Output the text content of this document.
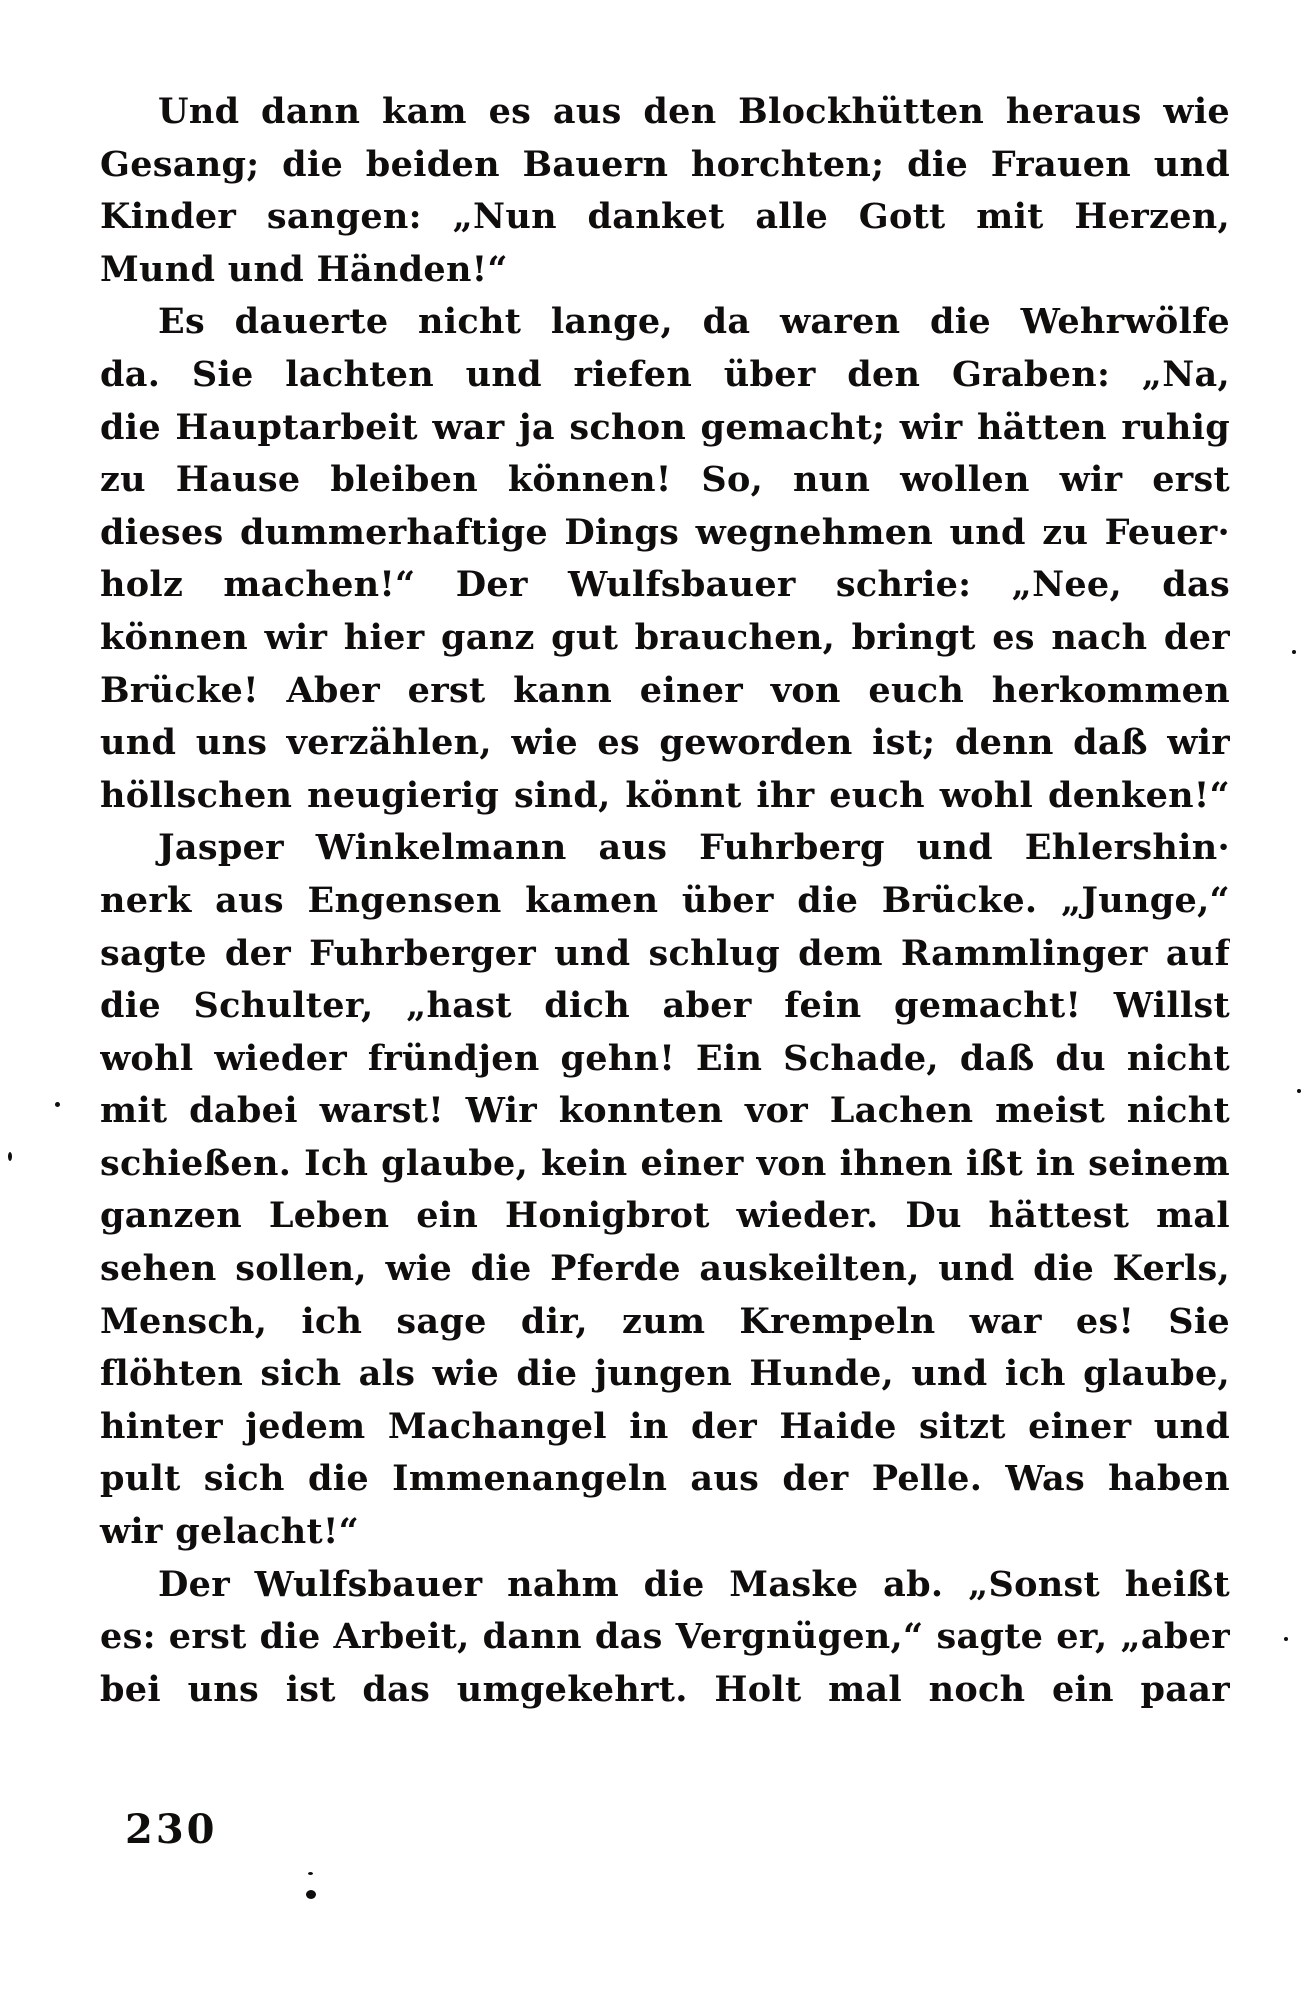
Und dann kam es aus den Blockhütten heraus wie
Gesang; die beiden Bauern horchten; die Frauen und
Kinder sangen: „Nun danket alle Gott mit Herzen,
Mund und Händen!“
Es dauerte nicht lange, da waren die Wehrwölfe
da. Sie lachten und riefen über den Graben: „Na,
die Hauptarbeit war ja schon gemacht; wir hätten ruhig
zu Hause bleiben können! So, nun wollen wir erst
dieses dummerhaftige Dings wegnehmen und zu Feuer·
holz machen!“ Der Wulfsbauer schrie: „Nee, das
können wir hier ganz gut brauchen, bringt es nach der
Brücke! Aber erst kann einer von euch herkommen
und uns verzählen, wie es geworden ist; denn daß wir
höllschen neugierig sind, könnt ihr euch wohl denken!“
Jasper Winkelmann aus Fuhrberg und Ehlershin·
nerk aus Engensen kamen über die Brücke. „Junge,“
sagte der Fuhrberger und schlug dem Rammlinger auf
die Schulter, „hast dich aber fein gemacht! Willst
wohl wieder fründjen gehn! Ein Schade, daß du nicht
mit dabei warst! Wir konnten vor Lachen meist nicht
schießen. Ich glaube, kein einer von ihnen ißt in seinem
ganzen Leben ein Honigbrot wieder. Du hättest mal
sehen sollen, wie die Pferde auskeilten, und die Kerls,
Mensch, ich sage dir, zum Krempeln war es! Sie
flöhten sich als wie die jungen Hunde, und ich glaube,
hinter jedem Machangel in der Haide sitzt einer und
pult sich die Immenangeln aus der Pelle. Was haben
wir gelacht!“
Der Wulfsbauer nahm die Maske ab. „Sonst heißt
es: erst die Arbeit, dann das Vergnügen,“ sagte er, „aber
bei uns ist das umgekehrt. Holt mal noch ein paar
230
